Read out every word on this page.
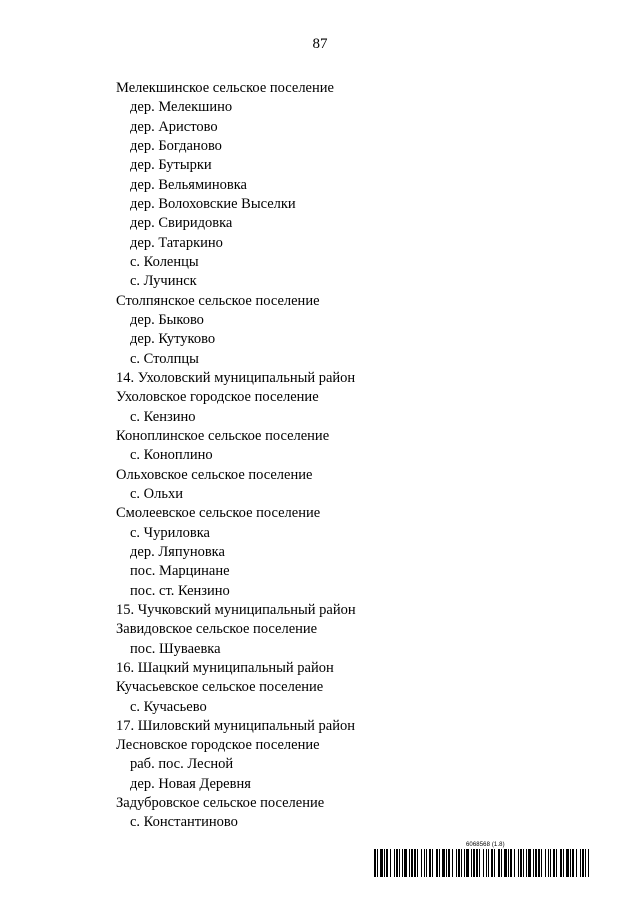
87
Мелекшинское сельское поселение
дер. Мелекшино
дер. Аристово
дер. Богданово
дер. Бутырки
дер. Вельяминовка
дер. Волоховские Выселки
дер. Свиридовка
дер. Татаркино
с. Коленцы
с. Лучинск
Столпянское сельское поселение
дер. Быково
дер. Кутуково
с. Столпцы
14. Ухоловский муниципальный район
Ухоловское городское поселение
с. Кензино
Коноплинское сельское поселение
с. Коноплино
Ольховское сельское поселение
с. Ольхи
Смолеевское сельское поселение
с. Чуриловка
дер. Ляпуновка
пос. Марцинане
пос. ст. Кензино
15. Чучковский муниципальный район
Завидовское сельское поселение
пос. Шуваевка
16. Шацкий муниципальный район
Кучасьевское сельское поселение
с. Кучасьево
17. Шиловский муниципальный район
Лесновское городское поселение
раб. пос. Лесной
дер. Новая Деревня
Задубровское сельское поселение
с. Константиново
6068568 (1.8)
